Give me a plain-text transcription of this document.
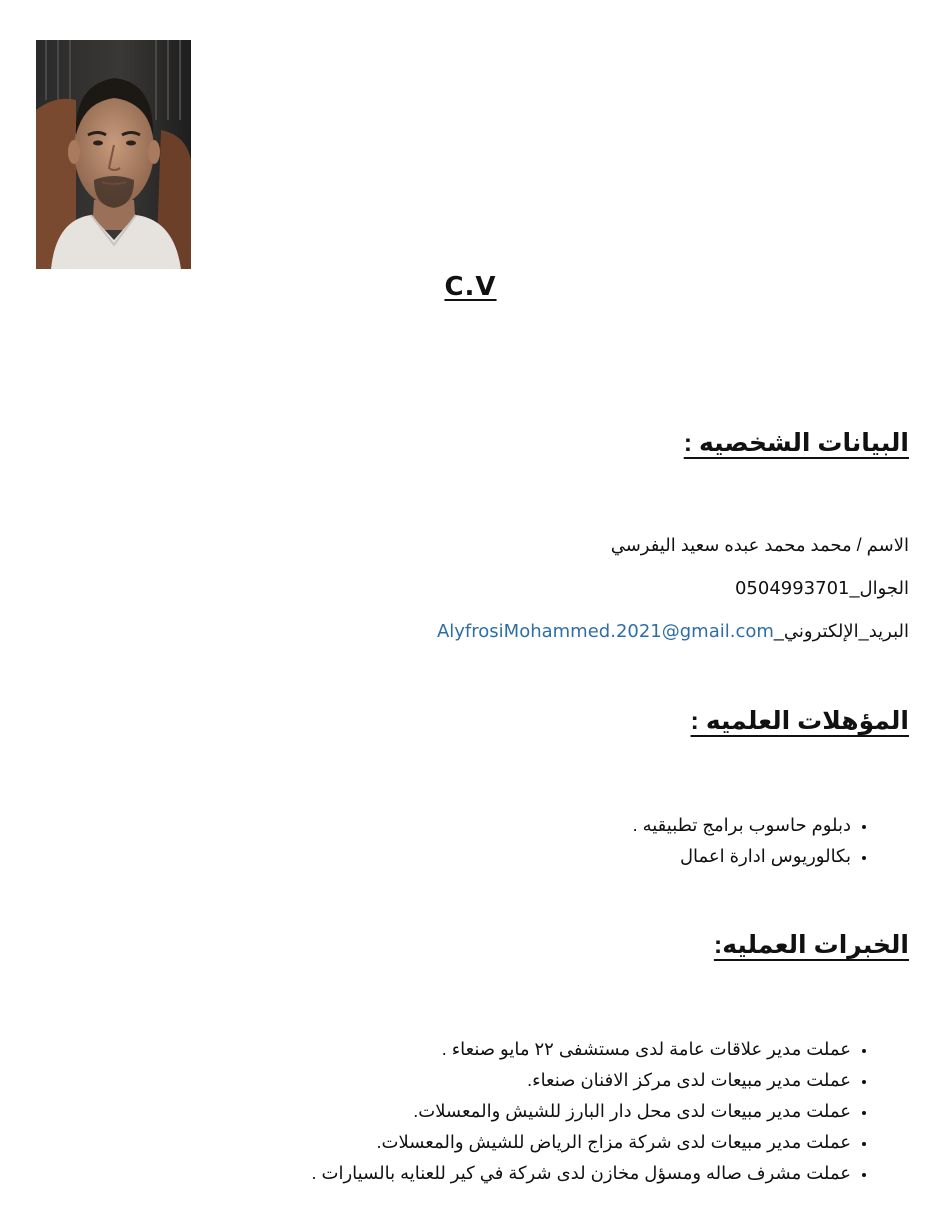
C.V
البيانات الشخصيه :
الاسم / محمد محمد عبده سعيد اليفرسي
الجوال_0504993701
البريد_الإلكتروني_AlyfrosiMohammed.2021@gmail.com
المؤهلات العلميه :
• دبلوم حاسوب برامج تطبيقيه .
• بكالوريوس ادارة اعمال
الخبرات العمليه:
• عملت مدير علاقات عامة لدى مستشفى ٢٢ مايو صنعاء .
• عملت مدير مبيعات لدى مركز الافنان صنعاء.
• عملت مدير مبيعات لدى محل دار البارز للشيش والمعسلات.
• عملت مدير مبيعات لدى شركة مزاج الرياض للشيش والمعسلات.
• عملت مشرف صاله ومسؤل مخازن لدى شركة في كير للعنايه بالسيارات .
